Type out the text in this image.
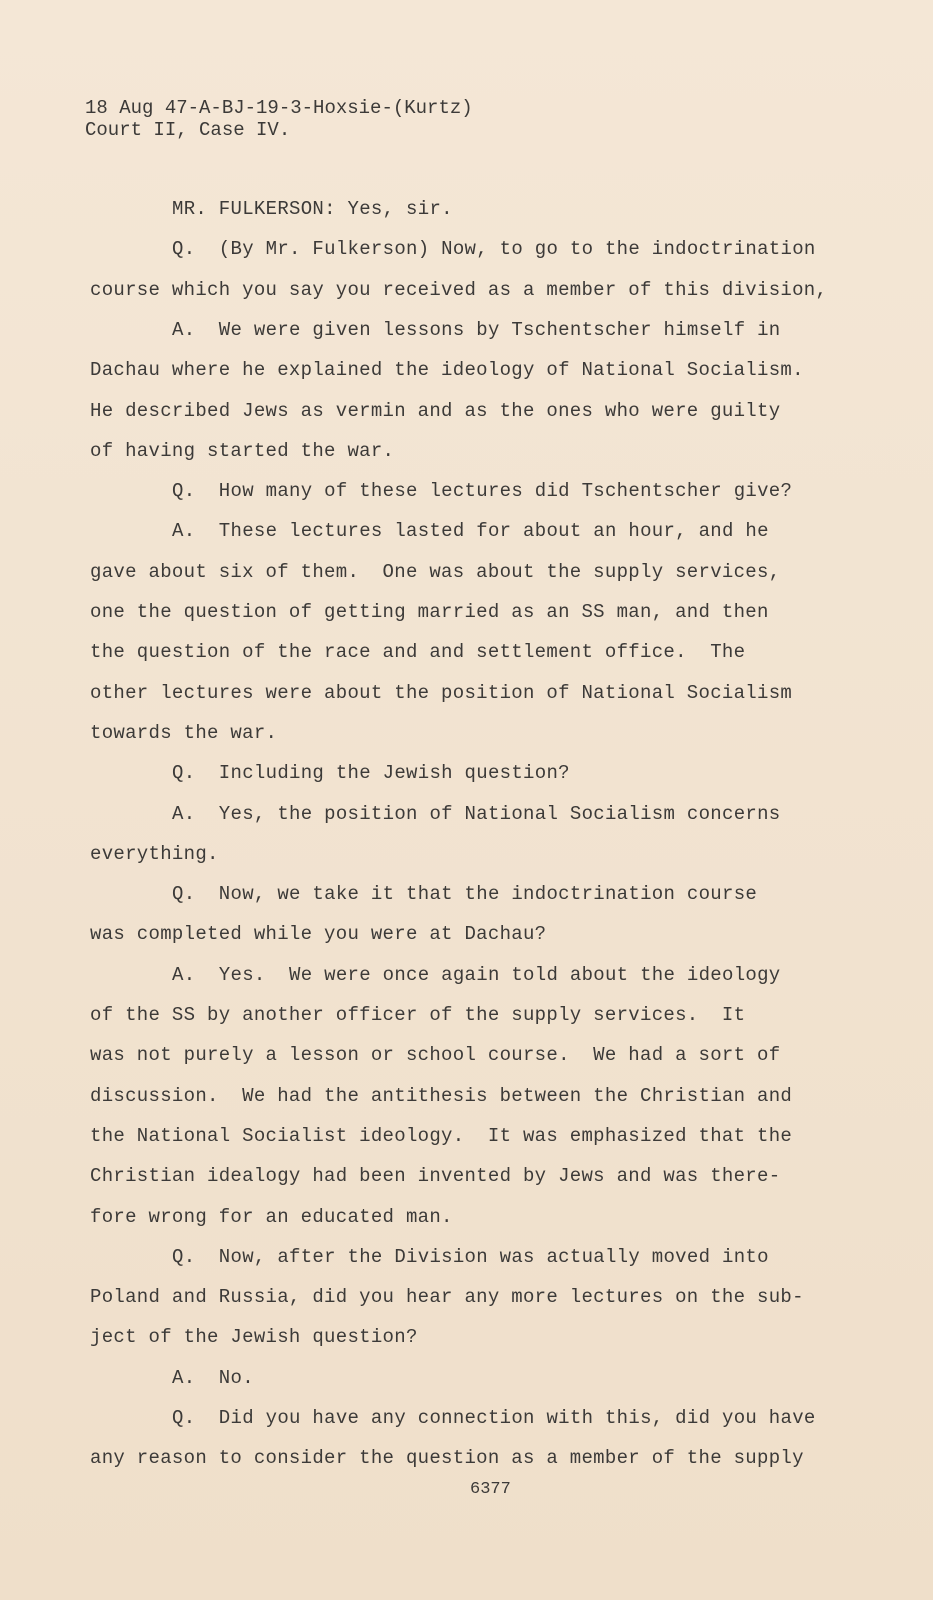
18 Aug 47-A-BJ-19-3-Hoxsie-(Kurtz)
Court II, Case IV.
MR. FULKERSON: Yes, sir.
Q.  (By Mr. Fulkerson) Now, to go to the indoctrination
course which you say you received as a member of this division,
A.  We were given lessons by Tschentscher himself in
Dachau where he explained the ideology of National Socialism.
He described Jews as vermin and as the ones who were guilty
of having started the war.
Q.  How many of these lectures did Tschentscher give?
A.  These lectures lasted for about an hour, and he
gave about six of them.  One was about the supply services,
one the question of getting married as an SS man, and then
the question of the race and and settlement office.  The
other lectures were about the position of National Socialism
towards the war.
Q.  Including the Jewish question?
A.  Yes, the position of National Socialism concerns
everything.
Q.  Now, we take it that the indoctrination course
was completed while you were at Dachau?
A.  Yes.  We were once again told about the ideology
of the SS by another officer of the supply services.  It
was not purely a lesson or school course.  We had a sort of
discussion.  We had the antithesis between the Christian and
the National Socialist ideology.  It was emphasized that the
Christian idealogy had been invented by Jews and was there-
fore wrong for an educated man.
Q.  Now, after the Division was actually moved into
Poland and Russia, did you hear any more lectures on the sub-
ject of the Jewish question?
A.  No.
Q.  Did you have any connection with this, did you have
any reason to consider the question as a member of the supply
6377
